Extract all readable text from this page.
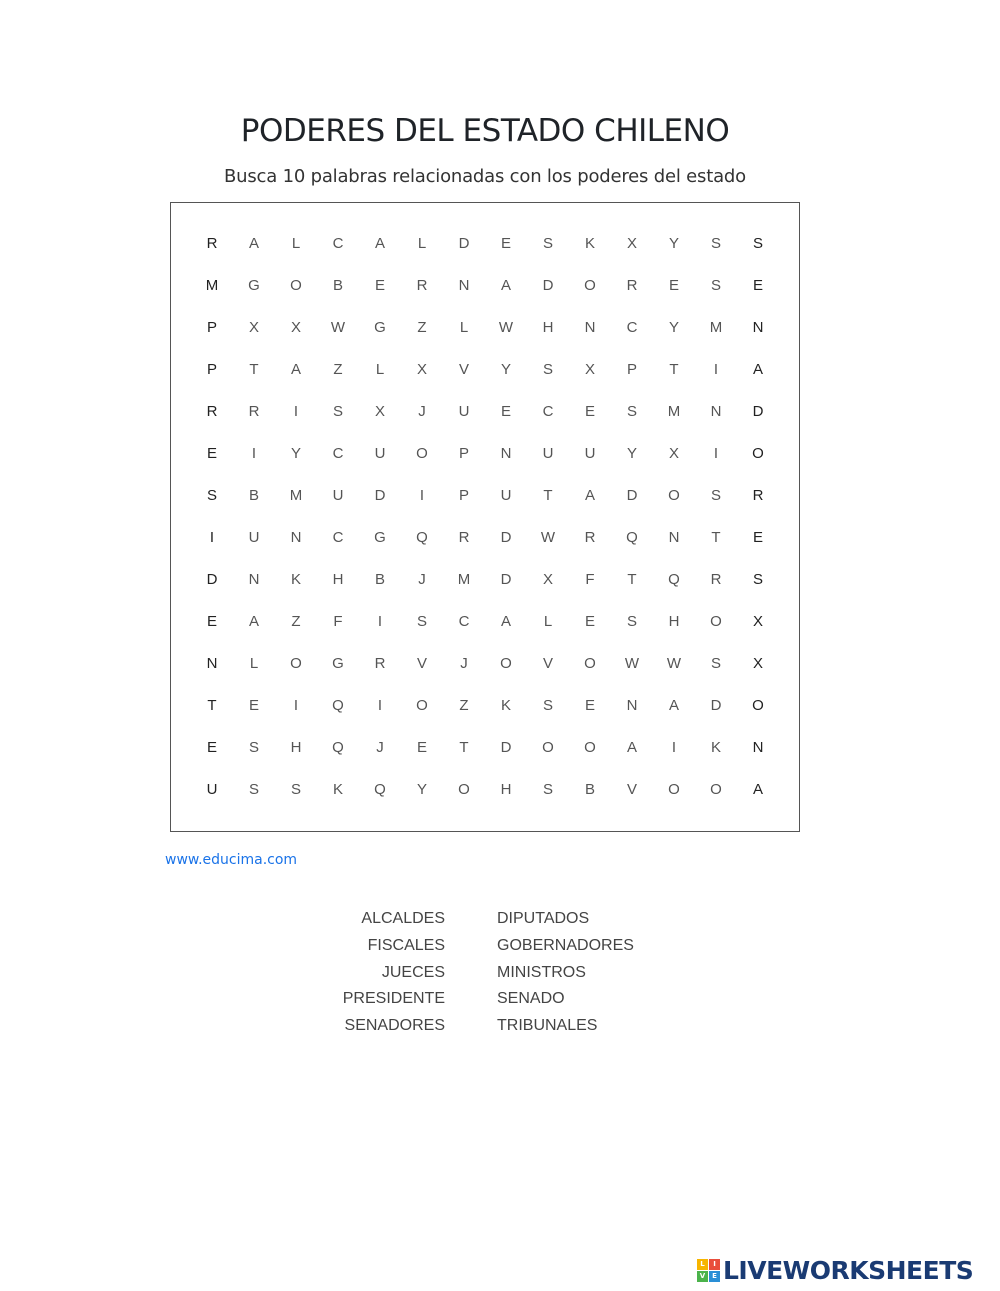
PODERES DEL ESTADO CHILENO
Busca 10 palabras relacionadas con los poderes del estado
R	A	L	C	A	L	D	E	S	K	X	Y	S	S
M	G	O	B	E	R	N	A	D	O	R	E	S	E
P	X	X	W	G	Z	L	W	H	N	C	Y	M	N
P	T	A	Z	L	X	V	Y	S	X	P	T	I	A
R	R	I	S	X	J	U	E	C	E	S	M	N	D
E	I	Y	C	U	O	P	N	U	U	Y	X	I	O
S	B	M	U	D	I	P	U	T	A	D	O	S	R
I	U	N	C	G	Q	R	D	W	R	Q	N	T	E
D	N	K	H	B	J	M	D	X	F	T	Q	R	S
E	A	Z	F	I	S	C	A	L	E	S	H	O	X
N	L	O	G	R	V	J	O	V	O	W	W	S	X
T	E	I	Q	I	O	Z	K	S	E	N	A	D	O
E	S	H	Q	J	E	T	D	O	O	A	I	K	N
U	S	S	K	Q	Y	O	H	S	B	V	O	O	A
www.educima.com
ALCALDES
FISCALES
JUECES
PRESIDENTE
SENADORES
DIPUTADOS
GOBERNADORES
MINISTROS
SENADO
TRIBUNALES
L	I
V E LIVEWORKSHEETS
